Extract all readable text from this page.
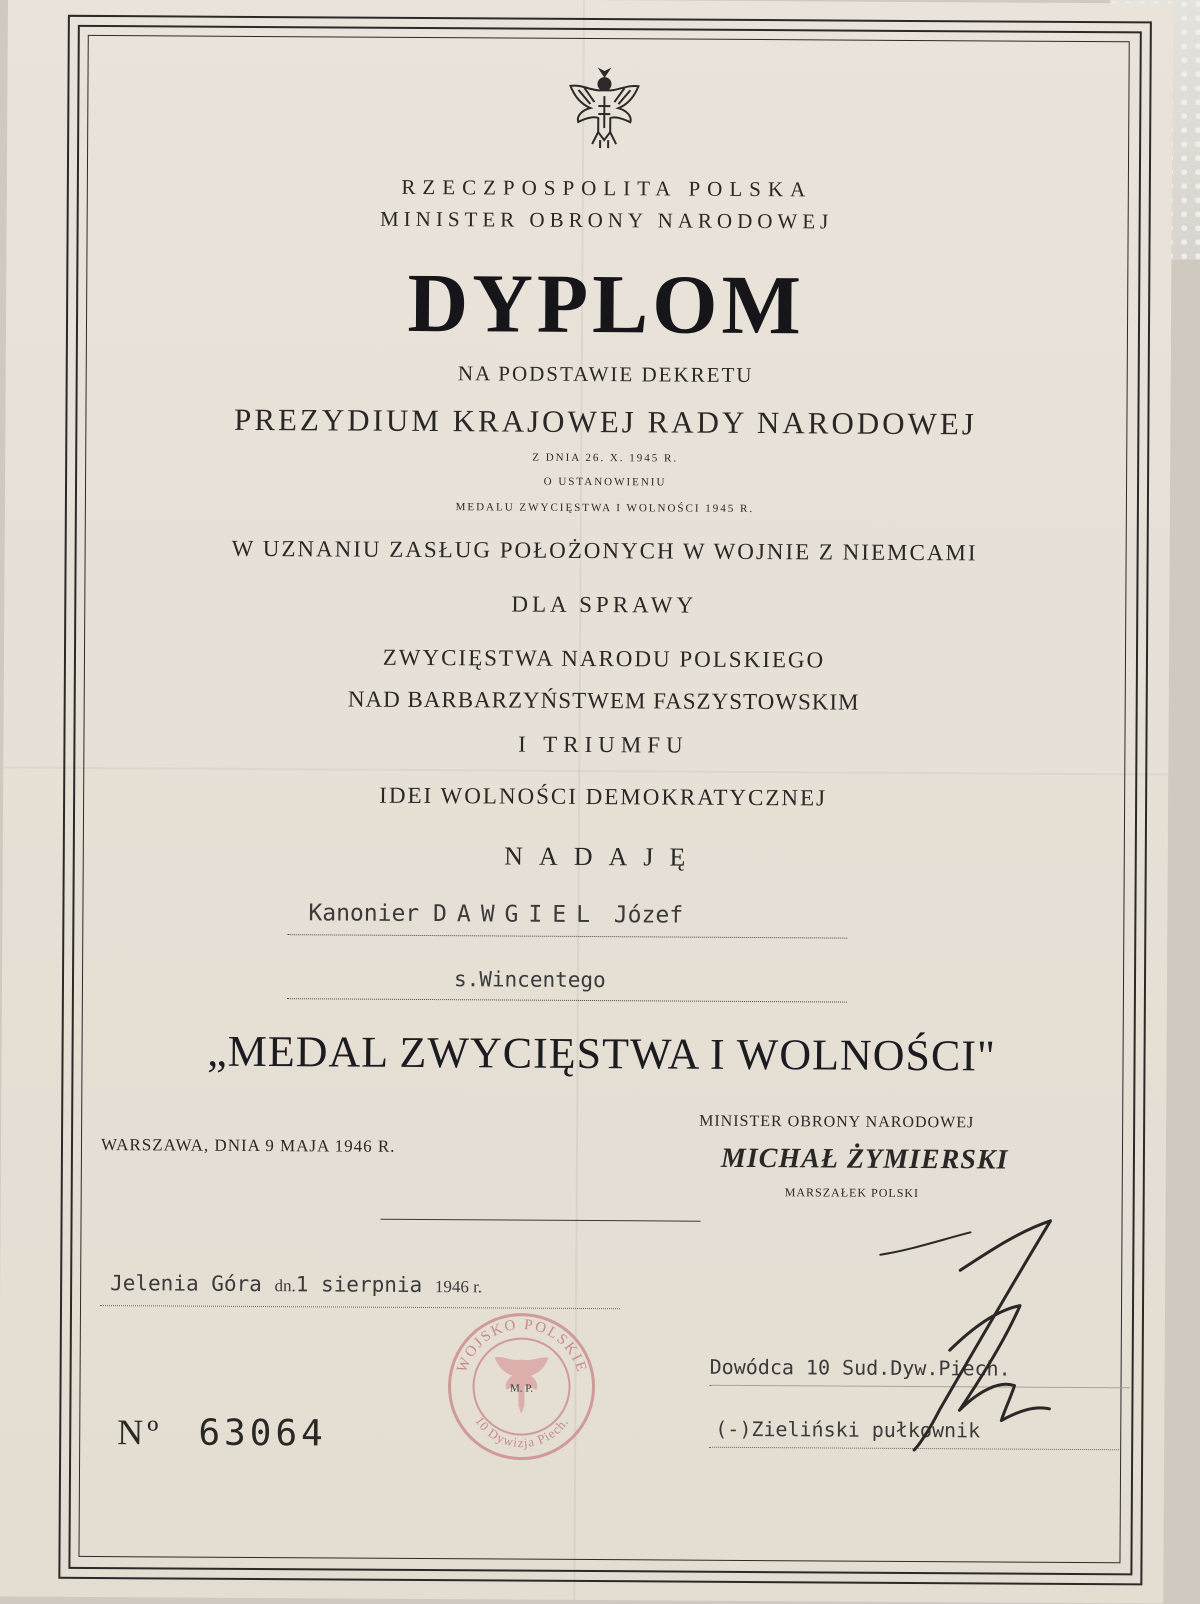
RZECZPOSPOLITA POLSKA
MINISTER OBRONY NARODOWEJ
DYPLOM
NA PODSTAWIE DEKRETU
PREZYDIUM KRAJOWEJ RADY NARODOWEJ
Z DNIA 26. X. 1945 R.
O USTANOWIENIU
MEDALU ZWYCIĘSTWA I WOLNOŚCI 1945 R.
W UZNANIU ZASŁUG POŁOŻONYCH W WOJNIE Z NIEMCAMI
DLA SPRAWY
ZWYCIĘSTWA NARODU POLSKIEGO
NAD BARBARZYŃSTWEM FASZYSTOWSKIM
I TRIUMFU
IDEI WOLNOŚCI DEMOKRATYCZNEJ
NADAJĘ
Kanonier DAWGIEL Józef
s.Wincentego
„MEDAL ZWYCIĘSTWA I WOLNOŚCI"
WARSZAWA, DNIA 9 MAJA 1946 R.
MINISTER OBRONY NARODOWEJ
MICHAŁ ŻYMIERSKI
MARSZAŁEK POLSKI
Jelenia Góra dn.1 sierpnia 1946 r.
WOJSKO POLSKIE
10 Dywizja Piech.
M. P.
Nº 63064
Dowódca 10 Sud.Dyw.Piech.
(-)Zieliński pułkownik
